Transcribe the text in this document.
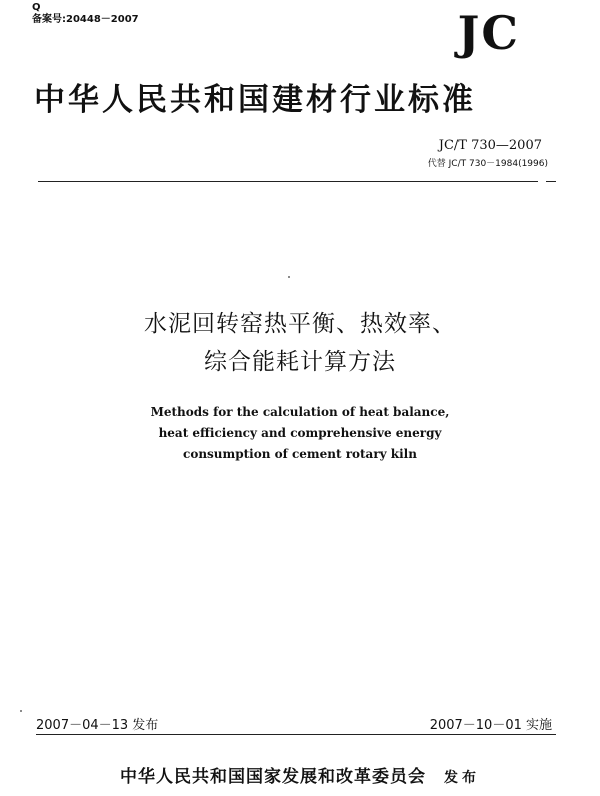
Q
备案号:20448－2007	JC
中华人民共和国建材行业标准
JC/T 730—2007
代替 JC/T 730－1984(1996)
水泥回转窑热平衡、热效率、
综合能耗计算方法
Methods for the calculation of heat balance,
heat efficiency and comprehensive energy
consumption of cement rotary kiln
2007－04－13 发布	2007－10－01 实施
中华人民共和国国家发展和改革委员会 发布
